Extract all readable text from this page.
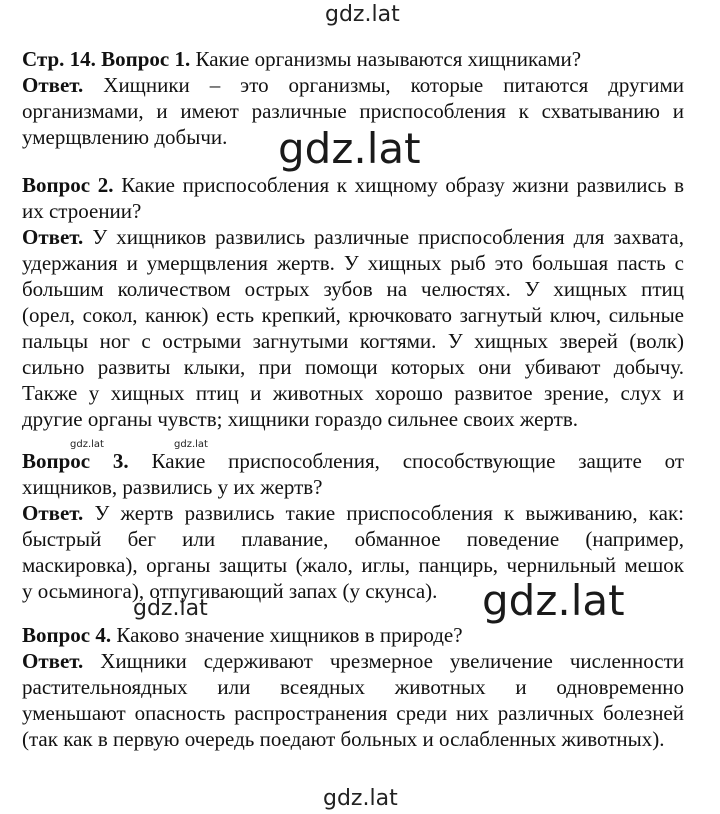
gdz.lat
gdz.lat
gdz.lat	gdz.lat
gdz.lat	gdz.lat
gdz.lat
Стр. 14. Вопрос 1. Какие организмы называются хищниками?
Ответ. Хищники – это организмы, которые питаются другими
организмами, и имеют различные приспособления к схватыванию и
умерщвлению добычи.
Вопрос 2. Какие приспособления к хищному образу жизни развились в
их строении?
Ответ. У хищников развились различные приспособления для захвата,
удержания и умерщвления жертв. У хищных рыб это большая пасть с
большим количеством острых зубов на челюстях. У хищных птиц
(орел, сокол, канюк) есть крепкий, крючковато загнутый ключ, сильные
пальцы ног с острыми загнутыми когтями. У хищных зверей (волк)
сильно развиты клыки, при помощи которых они убивают добычу.
Также у хищных птиц и животных хорошо развитое зрение, слух и
другие органы чувств; хищники гораздо сильнее своих жертв.
Вопрос 3. Какие приспособления, способствующие защите от
хищников, развились у их жертв?
Ответ. У жертв развились такие приспособления к выживанию, как:
быстрый бег или плавание, обманное поведение (например,
маскировка), органы защиты (жало, иглы, панцирь, чернильный мешок
у осьминога), отпугивающий запах (у скунса).
Вопрос 4. Каково значение хищников в природе?
Ответ. Хищники сдерживают чрезмерное увеличение численности
растительноядных или всеядных животных и одновременно
уменьшают опасность распространения среди них различных болезней
(так как в первую очередь поедают больных и ослабленных животных).
